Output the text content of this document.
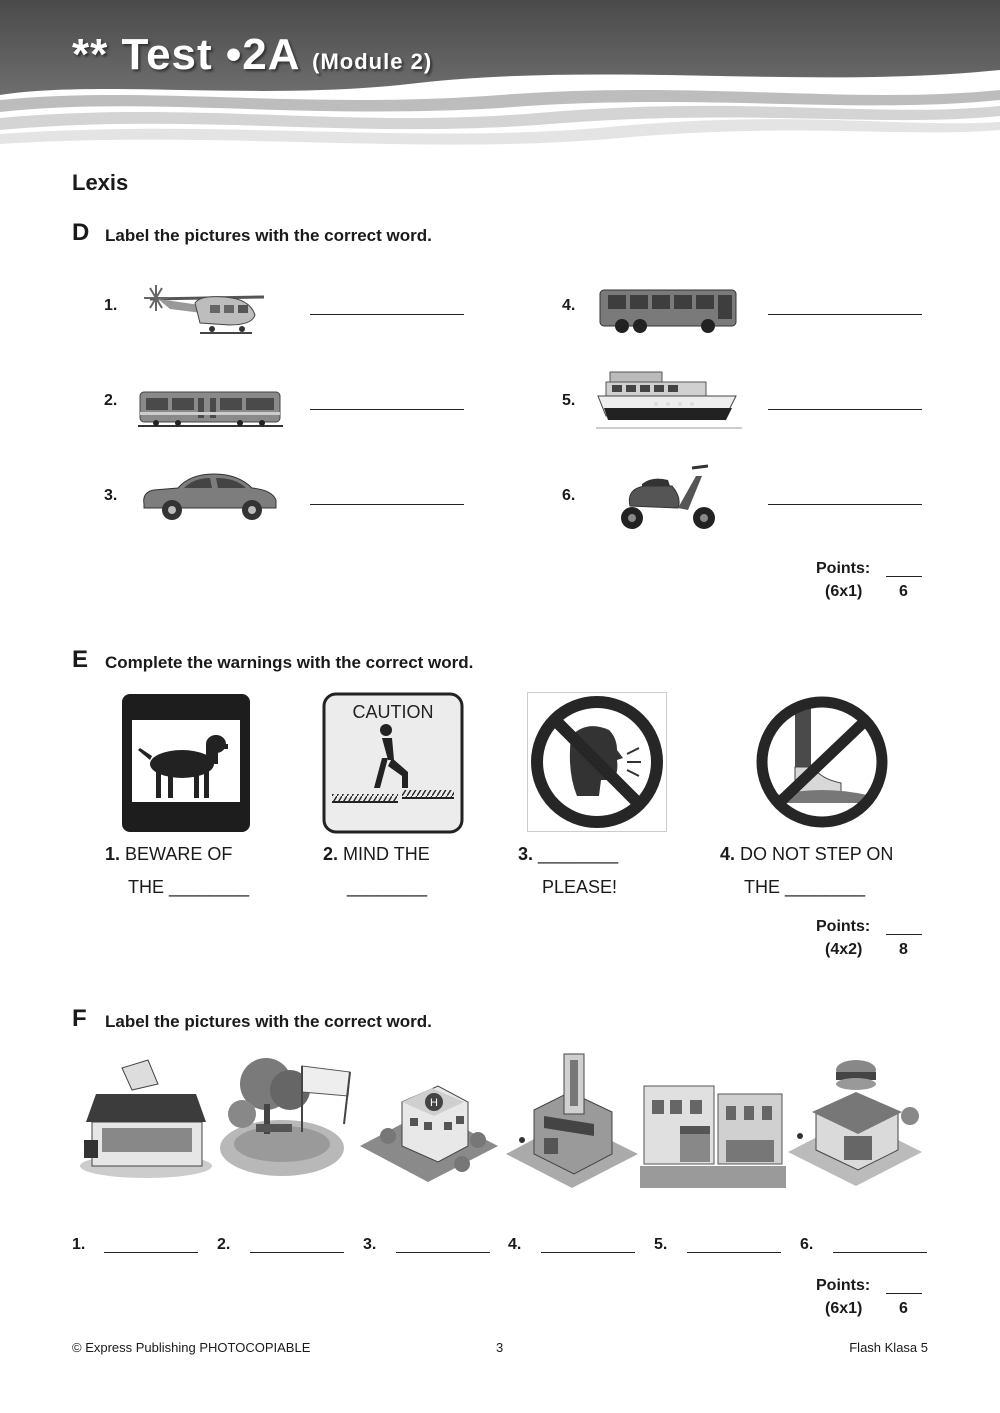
** Test •2A (Module 2)
Lexis
D Label the pictures with the correct word.
1.
2.
3.
4.
5.
6.
Points:
(6x1) 6
E Complete the warnings with the correct word.
CAUTION
1. BEWARE OF
THE ________
2. MIND THE
________
3. ________
PLEASE!
4. DO NOT STEP ON
THE ________
Points:
(4x2) 8
F Label the pictures with the correct word.
H
1.	2.	3.	4.	5.	6.
Points:
(6x1) 6
© Express Publishing PHOTOCOPIABLE	3	Flash Klasa 5
